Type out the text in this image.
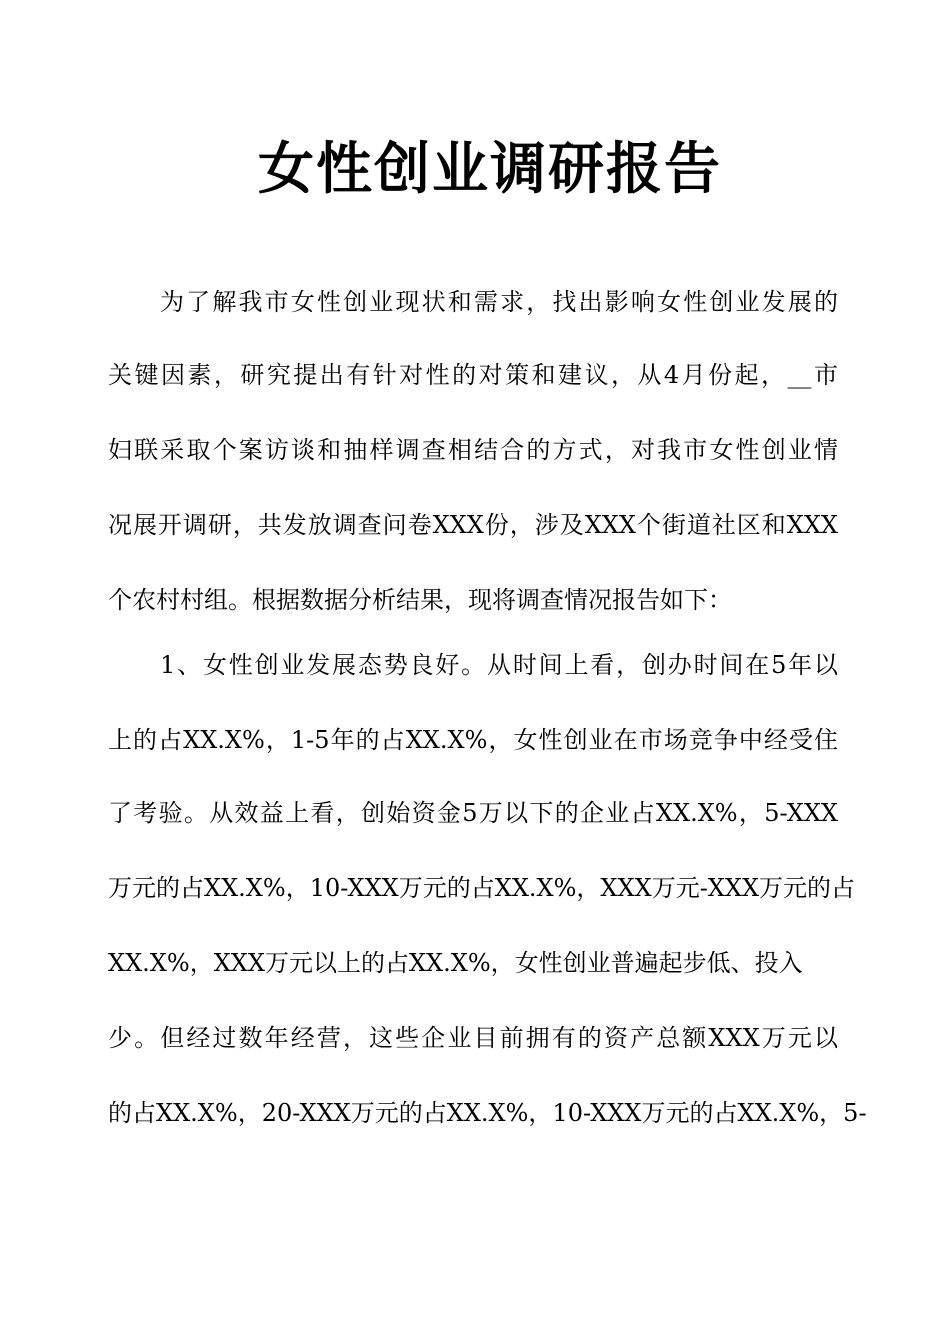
女性创业调研报告

为了解我市女性创业现状和需求，找出影响女性创业发展的

关键因素，研究提出有针对性的对策和建议，从4月份起，__市

妇联采取个案访谈和抽样调查相结合的方式，对我市女性创业情

况展开调研，共发放调查问卷XXX份，涉及XXX个街道社区和XXX

个农村村组。根据数据分析结果，现将调查情况报告如下：

1、女性创业发展态势良好。从时间上看，创办时间在5年以

上的占XX.X%，1-5年的占XX.X%，女性创业在市场竞争中经受住

了考验。从效益上看，创始资金5万以下的企业占XX.X%，5-XXX

万元的占XX.X%，10-XXX万元的占XX.X%，XXX万元-XXX万元的占

XX.X%，XXX万元以上的占XX.X%，女性创业普遍起步低、投入

少。但经过数年经营，这些企业目前拥有的资产总额XXX万元以

的占XX.X%，20-XXX万元的占XX.X%，10-XXX万元的占XX.X%，5-
